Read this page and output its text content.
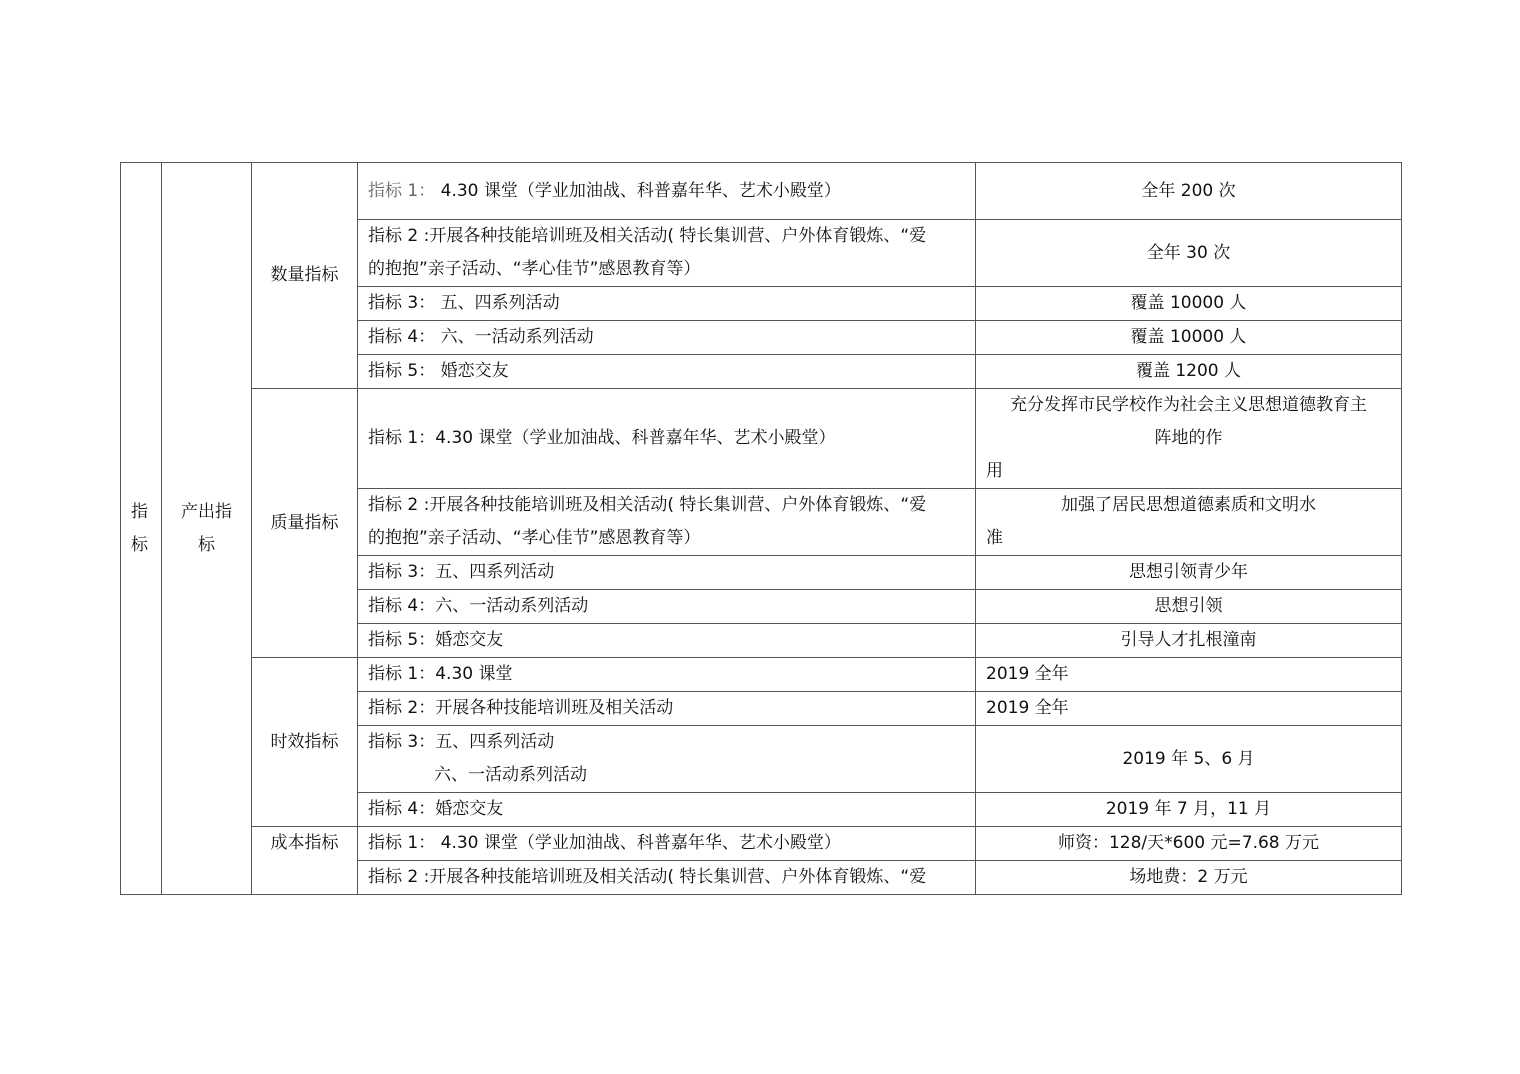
指
标	产出指
标	数量指标	指标 1： 4.30 课堂（学业加油战、科普嘉年华、艺术小殿堂）	全年 200 次

			指标 2 :开展各种技能培训班及相关活动( 特长集训营、户外体育锻炼、“爱
的抱抱”亲子活动、“孝心佳节”感恩教育等）	全年 30 次
			指标 3： 五、四系列活动	覆盖 10000 人
			指标 4： 六、一活动系列活动	覆盖 10000 人
			指标 5： 婚恋交友	覆盖 1200 人
		质量指标	指标 1：4.30 课堂（学业加油战、科普嘉年华、艺术小殿堂）	充分发挥市民学校作为社会主义思想道德教育主
阵地的作
用

			指标 2 :开展各种技能培训班及相关活动( 特长集训营、户外体育锻炼、“爱
的抱抱”亲子活动、“孝心佳节”感恩教育等）	加强了居民思想道德素质和文明水
准

			指标 3：五、四系列活动	思想引领青少年
			指标 4：六、一活动系列活动	思想引领
			指标 5：婚恋交友	引导人才扎根潼南
		时效指标	指标 1：4.30 课堂	2019 全年
			指标 2：开展各种技能培训班及相关活动	2019 全年

			指标 3：五、四系列活动
六、一活动系列活动	2019 年 5、6 月
			指标 4：婚恋交友	2019 年 7 月，11 月
		成本指标	指标 1： 4.30 课堂（学业加油战、科普嘉年华、艺术小殿堂）	师资：128/天*600 元=7.68 万元
			指标 2 :开展各种技能培训班及相关活动( 特长集训营、户外体育锻炼、“爱	场地费：2 万元
